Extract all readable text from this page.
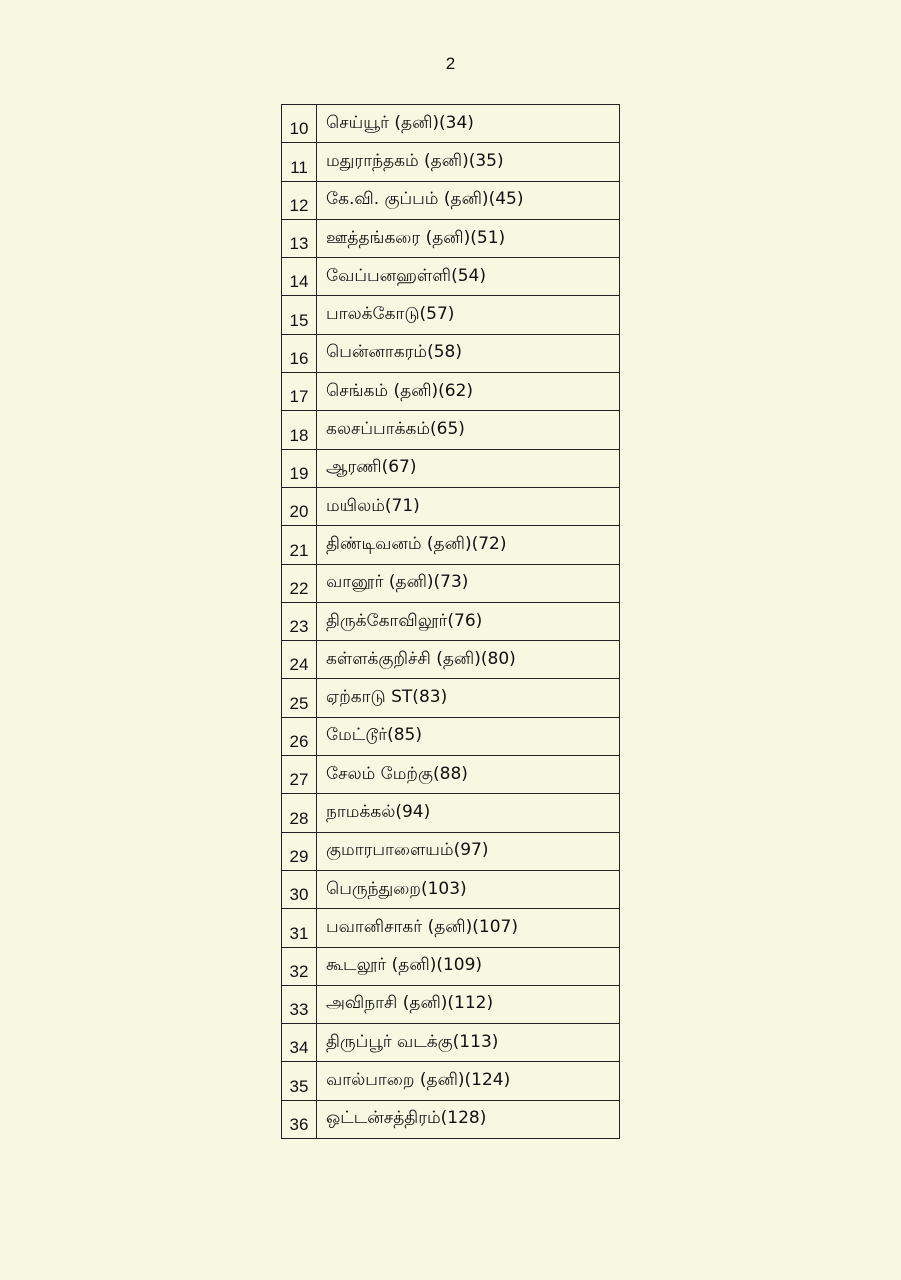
2
10	செய்யூர் (தனி)(34)
11	மதுராந்தகம் (தனி)(35)
12	கே.வி. குப்பம் (தனி)(45)
13	ஊத்தங்கரை (தனி)(51)
14	வேப்பனஹள்ளி(54)
15	பாலக்கோடு(57)
16	பென்னாகரம்(58)
17	செங்கம் (தனி)(62)
18	கலசப்பாக்கம்(65)
19	ஆரணி(67)
20	மயிலம்(71)
21	திண்டிவனம் (தனி)(72)
22	வானூர் (தனி)(73)
23	திருக்கோவிலூர்(76)
24	கள்ளக்குறிச்சி (தனி)(80)
25	ஏற்காடு ST(83)
26	மேட்டூர்(85)
27	சேலம் மேற்கு(88)
28	நாமக்கல்(94)
29	குமாரபாளையம்(97)
30	பெருந்துறை(103)
31	பவானிசாகர் (தனி)(107)
32	கூடலூர் (தனி)(109)
33	அவிநாசி (தனி)(112)
34	திருப்பூர் வடக்கு(113)
35	வால்பாறை (தனி)(124)
36	ஒட்டன்சத்திரம்(128)
